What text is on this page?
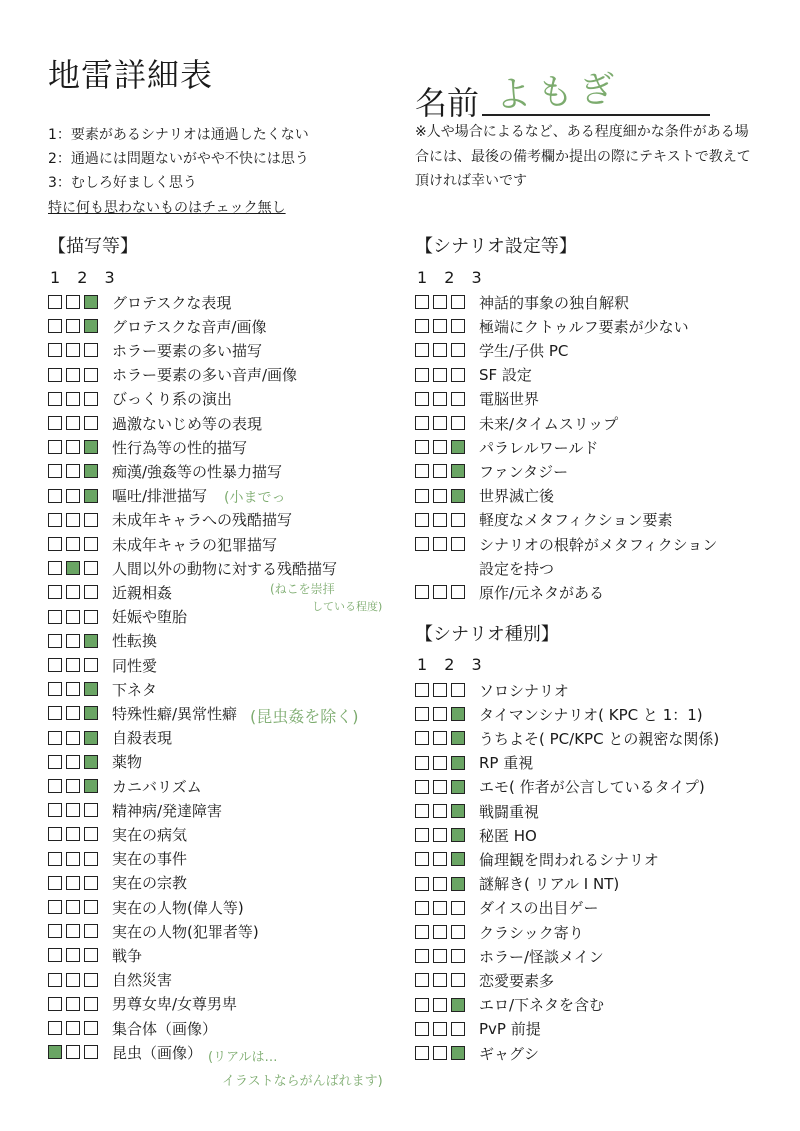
地雷詳細表
名前 よもぎ
1：要素があるシナリオは通過したくない
2：通過には問題ないがやや不快には思う
3：むしろ好ましく思う
特に何も思わないものはチェック無し
※人や場合によるなど、ある程度細かな条件がある場合には、最後の備考欄か提出の際にテキストで教えて頂ければ幸いです
【描写等】
1 2 3
グロテスクな表現
グロテスクな音声/画像
ホラー要素の多い描写
ホラー要素の多い音声/画像
びっくり系の演出
過激ないじめ等の表現
性行為等の性的描写
痴漢/強姦等の性暴力描写
嘔吐/排泄描写
未成年キャラへの残酷描写
未成年キャラの犯罪描写
人間以外の動物に対する残酷描写
近親相姦
妊娠や堕胎
性転換
同性愛
下ネタ
特殊性癖/異常性癖
自殺表現
薬物
カニバリズム
精神病/発達障害
実在の病気
実在の事件
実在の宗教
実在の人物(偉人等)
実在の人物(犯罪者等)
戦争
自然災害
男尊女卑/女尊男卑
集合体（画像）
昆虫（画像）
【シナリオ設定等】
1 2 3
神話的事象の独自解釈
極端にクトゥルフ要素が少ない
学生/子供 PC
SF 設定
電脳世界
未来/タイムスリップ
パラレルワールド
ファンタジー
世界滅亡後
軽度なメタフィクション要素
シナリオの根幹がメタフィクション
設定を持つ
原作/元ネタがある
【シナリオ種別】
1 2 3
ソロシナリオ
タイマンシナリオ( KPC と 1：1)
うちよそ( PC/KPC との親密な関係)
RP 重視
エモ( 作者が公言しているタイプ)
戦闘重視
秘匿 HO
倫理観を問われるシナリオ
謎解き( リアル I NT)
ダイスの出目ゲー
クラシック寄り
ホラー/怪談メイン
恋愛要素多
エロ/下ネタを含む
PvP 前提
ギャグシ
(小までっ
(ねこを崇拝
している程度)
(昆虫姦を除く)
(リアルは…
イラストならがんばれます)
